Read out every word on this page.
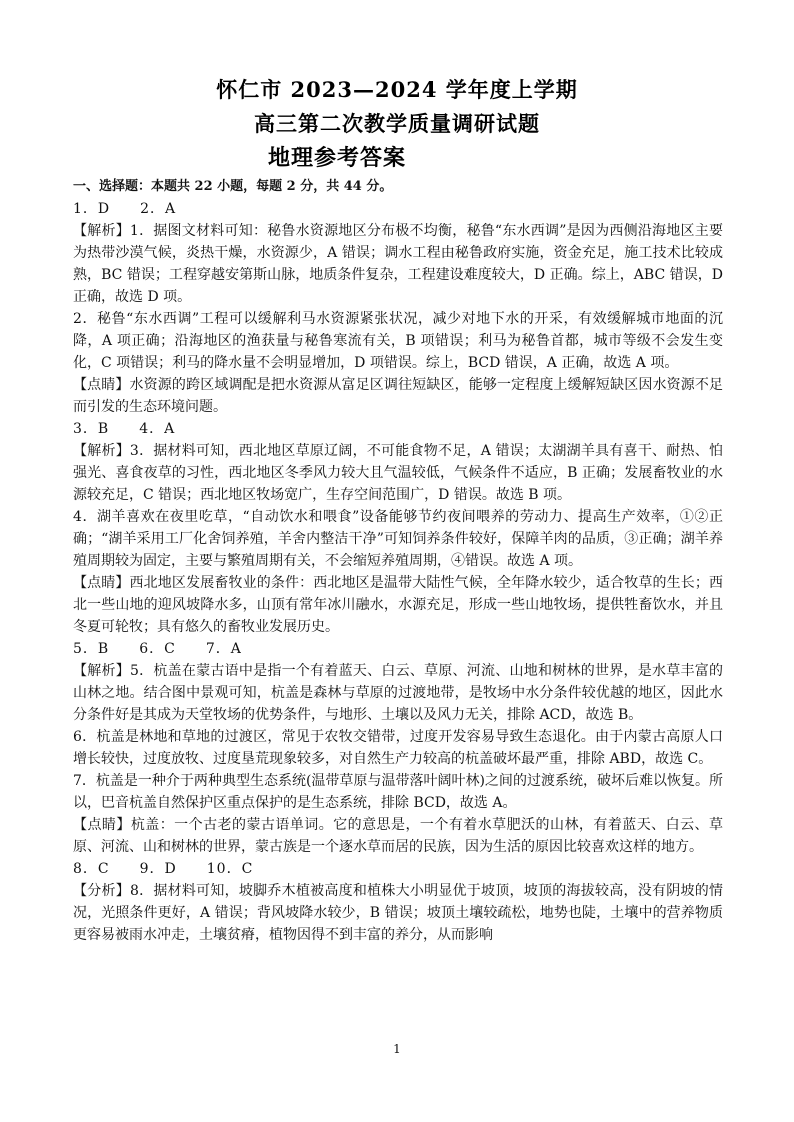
怀仁市 2023—2024 学年度上学期
高三第二次教学质量调研试题
地理参考答案

一、选择题：本题共 22 小题，每题 2 分，共 44 分。

1．D　　2．A

【解析】1．据图文材料可知：秘鲁水资源地区分布极不均衡，秘鲁“东水西调”是因为西侧沿海地区主要为热带沙漠气候，炎热干燥，水资源少，A 错误；调水工程由秘鲁政府实施，资金充足，施工技术比较成熟，BC 错误；工程穿越安第斯山脉，地质条件复杂，工程建设难度较大，D 正确。综上，ABC 错误，D 正确，故选 D 项。

2．秘鲁“东水西调”工程可以缓解利马水资源紧张状况，减少对地下水的开采，有效缓解城市地面的沉降，A 项正确；沿海地区的渔获量与秘鲁寒流有关，B 项错误；利马为秘鲁首都，城市等级不会发生变化，C 项错误；利马的降水量不会明显增加，D 项错误。综上，BCD 错误，A 正确，故选 A 项。

【点睛】水资源的跨区域调配是把水资源从富足区调往短缺区，能够一定程度上缓解短缺区因水资源不足而引发的生态环境问题。

3．B　　4．A

【解析】3．据材料可知，西北地区草原辽阔，不可能食物不足，A 错误；太湖湖羊具有喜干、耐热、怕强光、喜食夜草的习性，西北地区冬季风力较大且气温较低，气候条件不适应，B 正确；发展畜牧业的水源较充足，C 错误；西北地区牧场宽广，生存空间范围广，D 错误。故选 B 项。

4．湖羊喜欢在夜里吃草，“自动饮水和喂食”设备能够节约夜间喂养的劳动力、提高生产效率，①②正确；“湖羊采用工厂化舍饲养殖，羊舍内整洁干净”可知饲养条件较好，保障羊肉的品质，③正确；湖羊养殖周期较为固定，主要与繁殖周期有关，不会缩短养殖周期，④错误。故选 A 项。

【点睛】西北地区发展畜牧业的条件：西北地区是温带大陆性气候，全年降水较少，适合牧草的生长；西北一些山地的迎风坡降水多，山顶有常年冰川融水，水源充足，形成一些山地牧场，提供牲畜饮水，并且冬夏可轮牧；具有悠久的畜牧业发展历史。

5．B　　6．C　　7．A

【解析】5．杭盖在蒙古语中是指一个有着蓝天、白云、草原、河流、山地和树林的世界，是水草丰富的山林之地。结合图中景观可知，杭盖是森林与草原的过渡地带，是牧场中水分条件较优越的地区，因此水分条件好是其成为天堂牧场的优势条件，与地形、土壤以及风力无关，排除 ACD，故选 B。

6．杭盖是林地和草地的过渡区，常见于农牧交错带，过度开发容易导致生态退化。由于内蒙古高原人口增长较快，过度放牧、过度垦荒现象较多，对自然生产力较高的杭盖破坏最严重，排除 ABD，故选 C。

7．杭盖是一种介于两种典型生态系统(温带草原与温带落叶阔叶林)之间的过渡系统，破坏后难以恢复。所以，巴音杭盖自然保护区重点保护的是生态系统，排除 BCD，故选 A。

【点睛】杭盖：一个古老的蒙古语单词。它的意思是，一个有着水草肥沃的山林，有着蓝天、白云、草原、河流、山和树林的世界，蒙古族是一个逐水草而居的民族，因为生活的原因比较喜欢这样的地方。

8．C　　9．D　　10．C

【分析】8．据材料可知，坡脚乔木植被高度和植株大小明显优于坡顶，坡顶的海拔较高，没有阴坡的情况，光照条件更好，A 错误；背风坡降水较少，B 错误；坡顶土壤较疏松，地势也陡，土壤中的营养物质更容易被雨水冲走，土壤贫瘠，植物因得不到丰富的养分，从而影响

1
